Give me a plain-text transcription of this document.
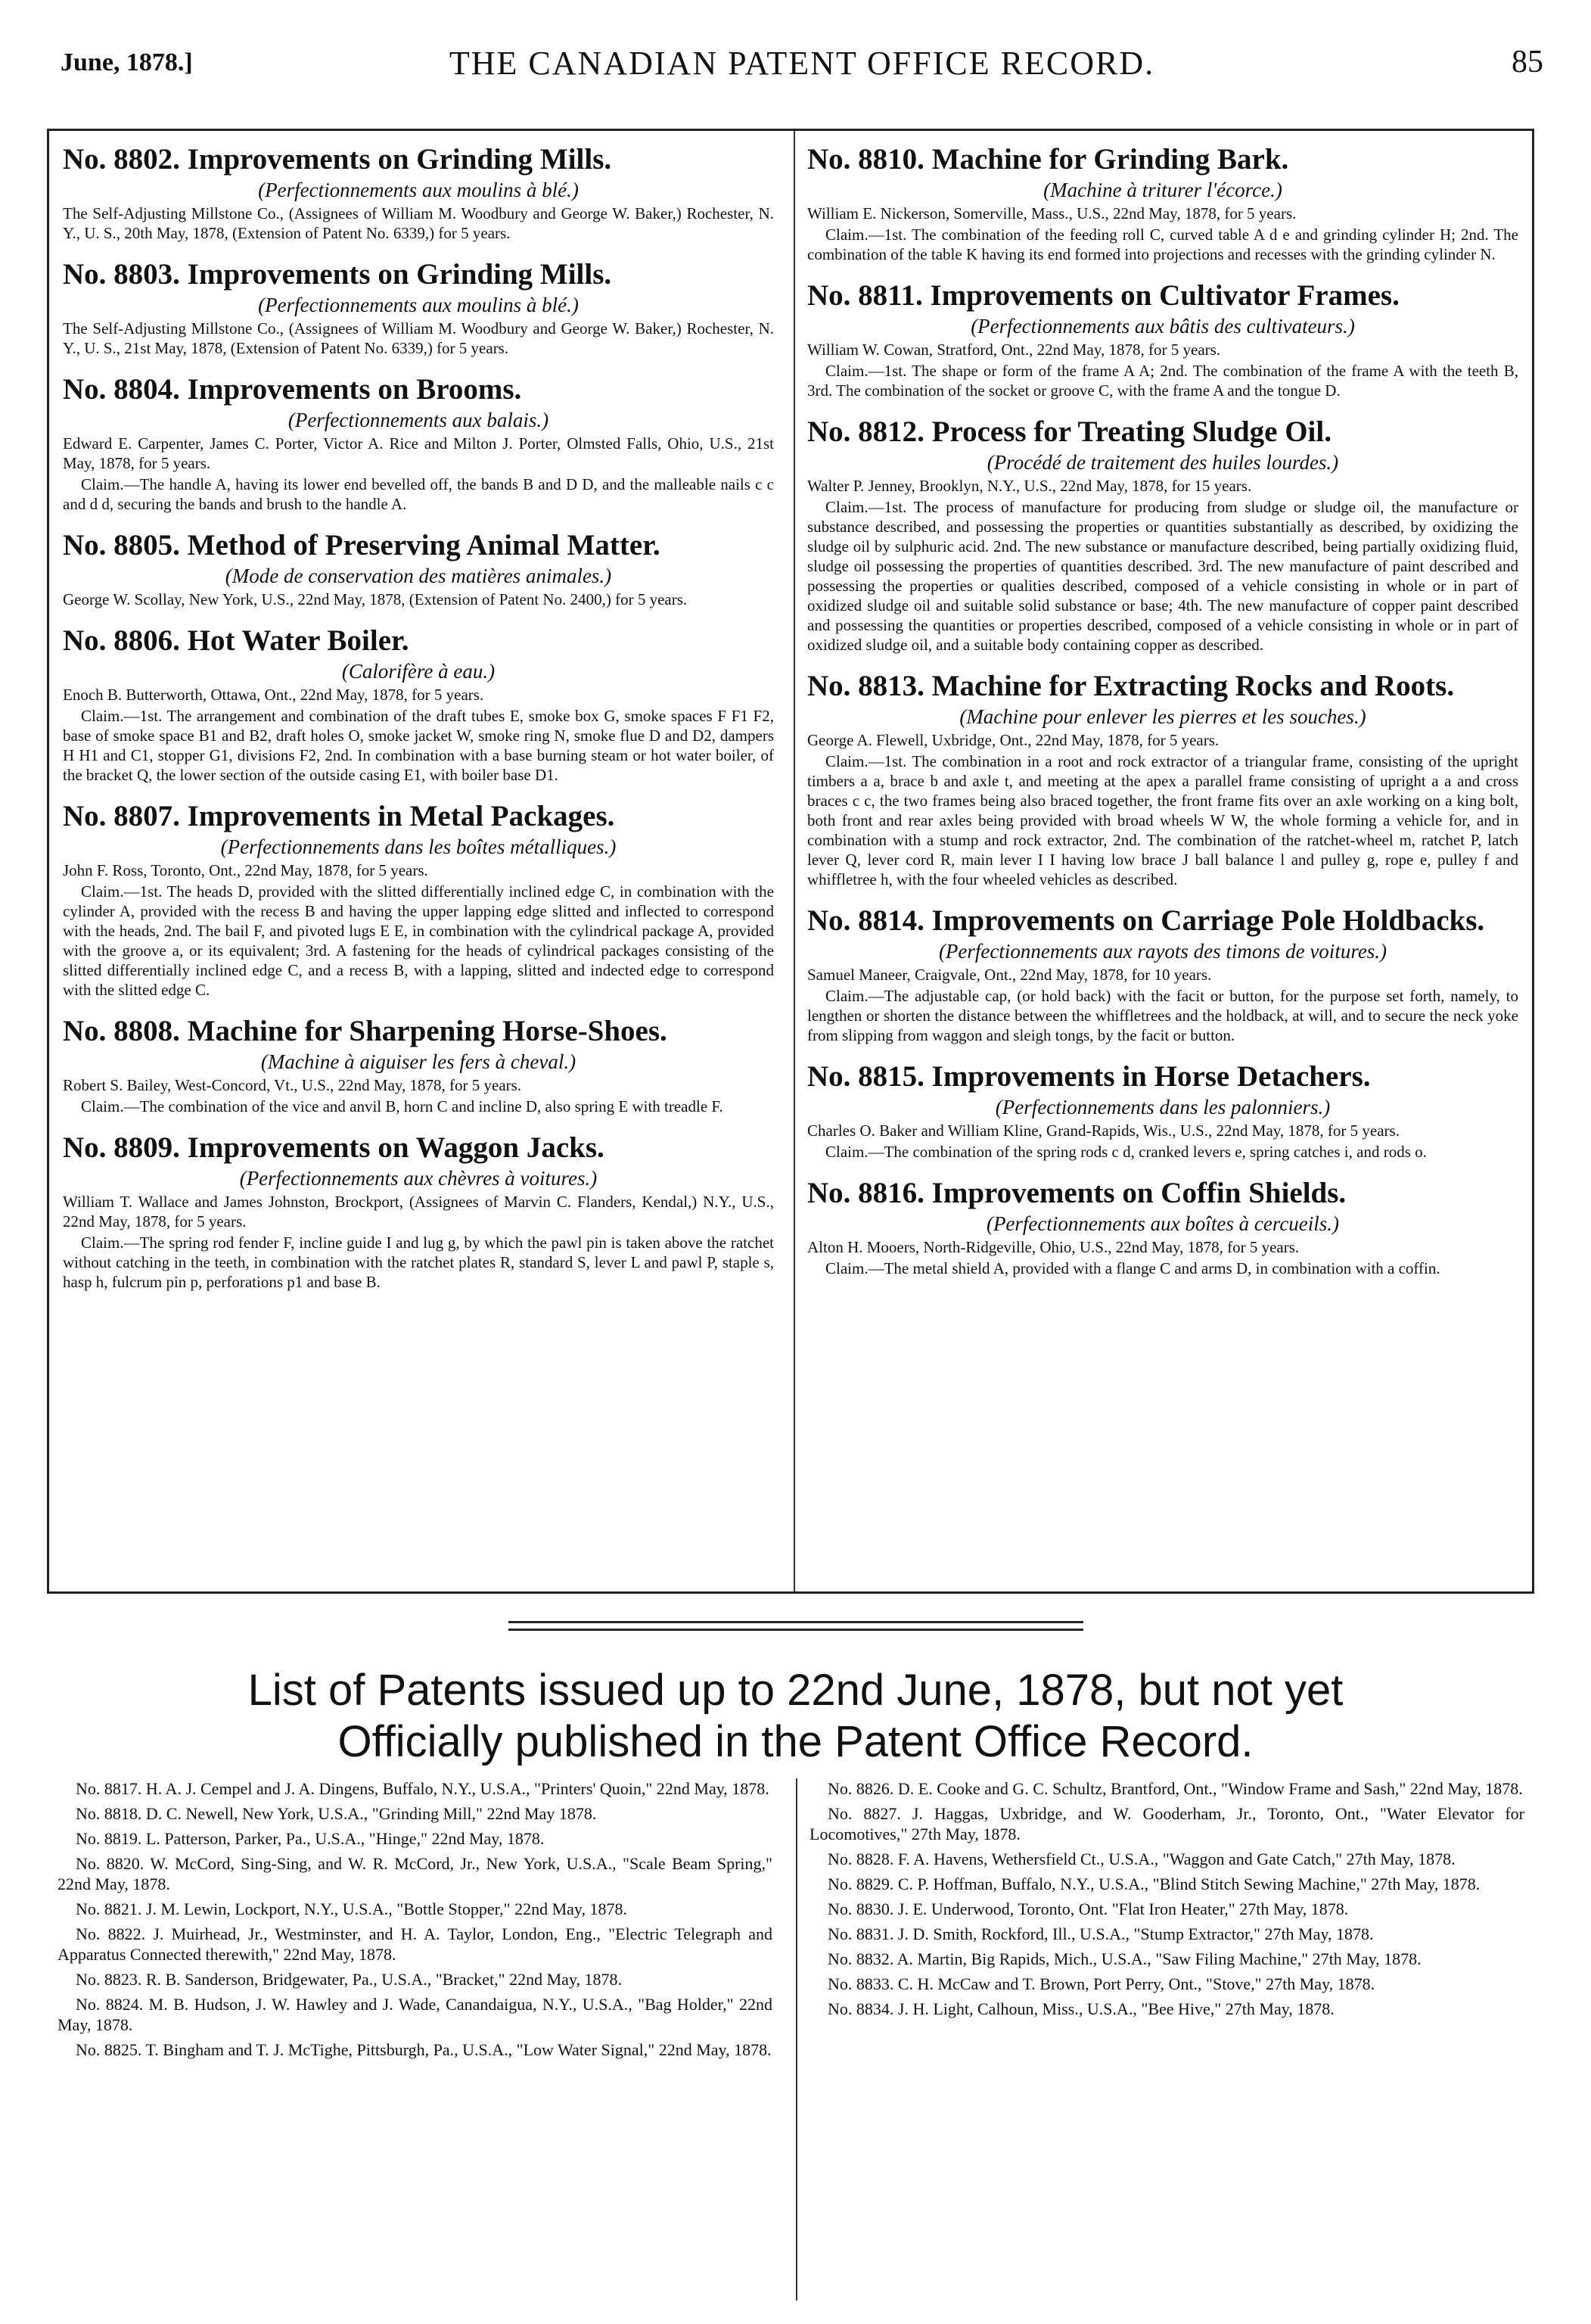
June, 1878.]	THE CANADIAN PATENT OFFICE RECORD.	85
No. 8802. Improvements on Grinding Mills.
(Perfectionnements aux moulins à blé.)
The Self-Adjusting Millstone Co., (Assignees of William M. Woodbury and George W. Baker,) Rochester, N. Y., U. S., 20th May, 1878, (Extension of Patent No. 6339,) for 5 years.
No. 8803. Improvements on Grinding Mills.
(Perfectionnements aux moulins à blé.)
The Self-Adjusting Millstone Co., (Assignees of William M. Woodbury and George W. Baker,) Rochester, N. Y., U. S., 21st May, 1878, (Extension of Patent No. 6339,) for 5 years.
No. 8804. Improvements on Brooms.
(Perfectionnements aux balais.)
Edward E. Carpenter, James C. Porter, Victor A. Rice and Milton J. Porter, Olmsted Falls, Ohio, U.S., 21st May, 1878, for 5 years.
Claim.—The handle A, having its lower end bevelled off, the bands B and D D, and the malleable nails c c and d d, securing the bands and brush to the handle A.
No. 8805. Method of Preserving Animal Matter.
(Mode de conservation des matières animales.)
George W. Scollay, New York, U.S., 22nd May, 1878, (Extension of Patent No. 2400,) for 5 years.
No. 8806. Hot Water Boiler.
(Calorifère à eau.)
Enoch B. Butterworth, Ottawa, Ont., 22nd May, 1878, for 5 years.
Claim.—1st. The arrangement and combination of the draft tubes E, smoke box G, smoke spaces F F1 F2, base of smoke space B1 and B2, draft holes O, smoke jacket W, smoke ring N, smoke flue D and D2, dampers H H1 and C1, stopper G1, divisions F2, 2nd. In combination with a base burning steam or hot water boiler, of the bracket Q, the lower section of the outside casing E1, with boiler base D1.
No. 8807. Improvements in Metal Packages.
(Perfectionnements dans les boîtes métalliques.)
John F. Ross, Toronto, Ont., 22nd May, 1878, for 5 years.
Claim.—1st. The heads D, provided with the slitted differentially inclined edge C, in combination with the cylinder A, provided with the recess B and having the upper lapping edge slitted and inflected to correspond with the heads, 2nd. The bail F, and pivoted lugs E E, in combination with the cylindrical package A, provided with the groove a, or its equivalent; 3rd. A fastening for the heads of cylindrical packages consisting of the slitted differentially inclined edge C, and a recess B, with a lapping, slitted and indected edge to correspond with the slitted edge C.
No. 8808. Machine for Sharpening Horse-Shoes.
(Machine à aiguiser les fers à cheval.)
Robert S. Bailey, West-Concord, Vt., U.S., 22nd May, 1878, for 5 years.
Claim.—The combination of the vice and anvil B, horn C and incline D, also spring E with treadle F.
No. 8809. Improvements on Waggon Jacks.
(Perfectionnements aux chèvres à voitures.)
William T. Wallace and James Johnston, Brockport, (Assignees of Marvin C. Flanders, Kendal,) N.Y., U.S., 22nd May, 1878, for 5 years.
Claim.—The spring rod fender F, incline guide I and lug g, by which the pawl pin is taken above the ratchet without catching in the teeth, in combination with the ratchet plates R, standard S, lever L and pawl P, staple s, hasp h, fulcrum pin p, perforations p1 and base B.
No. 8810. Machine for Grinding Bark.
(Machine à triturer l'écorce.)
William E. Nickerson, Somerville, Mass., U.S., 22nd May, 1878, for 5 years.
Claim.—1st. The combination of the feeding roll C, curved table A d e and grinding cylinder H; 2nd. The combination of the table K having its end formed into projections and recesses with the grinding cylinder N.
No. 8811. Improvements on Cultivator Frames.
(Perfectionnements aux bâtis des cultivateurs.)
William W. Cowan, Stratford, Ont., 22nd May, 1878, for 5 years.
Claim.—1st. The shape or form of the frame A A; 2nd. The combination of the frame A with the teeth B, 3rd. The combination of the socket or groove C, with the frame A and the tongue D.
No. 8812. Process for Treating Sludge Oil.
(Procédé de traitement des huiles lourdes.)
Walter P. Jenney, Brooklyn, N.Y., U.S., 22nd May, 1878, for 15 years.
Claim.—1st. The process of manufacture for producing from sludge or sludge oil, the manufacture or substance described, and possessing the properties or quantities substantially as described, by oxidizing the sludge oil by sulphuric acid. 2nd. The new substance or manufacture described, being partially oxidizing fluid, sludge oil possessing the properties of quantities described. 3rd. The new manufacture of paint described and possessing the properties or qualities described, composed of a vehicle consisting in whole or in part of oxidized sludge oil and suitable solid substance or base; 4th. The new manufacture of copper paint described and possessing the quantities or properties described, composed of a vehicle consisting in whole or in part of oxidized sludge oil, and a suitable body containing copper as described.
No. 8813. Machine for Extracting Rocks and Roots.
(Machine pour enlever les pierres et les souches.)
George A. Flewell, Uxbridge, Ont., 22nd May, 1878, for 5 years.
Claim.—1st. The combination in a root and rock extractor of a triangular frame, consisting of the upright timbers a a, brace b and axle t, and meeting at the apex a parallel frame consisting of upright a a and cross braces c c, the two frames being also braced together, the front frame fits over an axle working on a king bolt, both front and rear axles being provided with broad wheels W W, the whole forming a vehicle for, and in combination with a stump and rock extractor, 2nd. The combination of the ratchet-wheel m, ratchet P, latch lever Q, lever cord R, main lever I I having low brace J ball balance l and pulley g, rope e, pulley f and whiffletree h, with the four wheeled vehicles as described.
No. 8814. Improvements on Carriage Pole Holdbacks.
(Perfectionnements aux rayots des timons de voitures.)
Samuel Maneer, Craigvale, Ont., 22nd May, 1878, for 10 years.
Claim.—The adjustable cap, (or hold back) with the facit or button, for the purpose set forth, namely, to lengthen or shorten the distance between the whiffletrees and the holdback, at will, and to secure the neck yoke from slipping from waggon and sleigh tongs, by the facit or button.
No. 8815. Improvements in Horse Detachers.
(Perfectionnements dans les palonniers.)
Charles O. Baker and William Kline, Grand-Rapids, Wis., U.S., 22nd May, 1878, for 5 years.
Claim.—The combination of the spring rods c d, cranked levers e, spring catches i, and rods o.
No. 8816. Improvements on Coffin Shields.
(Perfectionnements aux boîtes à cercueils.)
Alton H. Mooers, North-Ridgeville, Ohio, U.S., 22nd May, 1878, for 5 years.
Claim.—The metal shield A, provided with a flange C and arms D, in combination with a coffin.
List of Patents issued up to 22nd June, 1878, but not yet
Officially published in the Patent Office Record.
No. 8817. H. A. J. Cempel and J. A. Dingens, Buffalo, N.Y., U.S.A., "Printers' Quoin," 22nd May, 1878.
No. 8818. D. C. Newell, New York, U.S.A., "Grinding Mill," 22nd May 1878.
No. 8819. L. Patterson, Parker, Pa., U.S.A., "Hinge," 22nd May, 1878.
No. 8820. W. McCord, Sing-Sing, and W. R. McCord, Jr., New York, U.S.A., "Scale Beam Spring," 22nd May, 1878.
No. 8821. J. M. Lewin, Lockport, N.Y., U.S.A., "Bottle Stopper," 22nd May, 1878.
No. 8822. J. Muirhead, Jr., Westminster, and H. A. Taylor, London, Eng., "Electric Telegraph and Apparatus Connected therewith," 22nd May, 1878.
No. 8823. R. B. Sanderson, Bridgewater, Pa., U.S.A., "Bracket," 22nd May, 1878.
No. 8824. M. B. Hudson, J. W. Hawley and J. Wade, Canandaigua, N.Y., U.S.A., "Bag Holder," 22nd May, 1878.
No. 8825. T. Bingham and T. J. McTighe, Pittsburgh, Pa., U.S.A., "Low Water Signal," 22nd May, 1878.
No. 8826. D. E. Cooke and G. C. Schultz, Brantford, Ont., "Window Frame and Sash," 22nd May, 1878.
No. 8827. J. Haggas, Uxbridge, and W. Gooderham, Jr., Toronto, Ont., "Water Elevator for Locomotives," 27th May, 1878.
No. 8828. F. A. Havens, Wethersfield Ct., U.S.A., "Waggon and Gate Catch," 27th May, 1878.
No. 8829. C. P. Hoffman, Buffalo, N.Y., U.S.A., "Blind Stitch Sewing Machine," 27th May, 1878.
No. 8830. J. E. Underwood, Toronto, Ont. "Flat Iron Heater," 27th May, 1878.
No. 8831. J. D. Smith, Rockford, Ill., U.S.A., "Stump Extractor," 27th May, 1878.
No. 8832. A. Martin, Big Rapids, Mich., U.S.A., "Saw Filing Machine," 27th May, 1878.
No. 8833. C. H. McCaw and T. Brown, Port Perry, Ont., "Stove," 27th May, 1878.
No. 8834. J. H. Light, Calhoun, Miss., U.S.A., "Bee Hive," 27th May, 1878.
